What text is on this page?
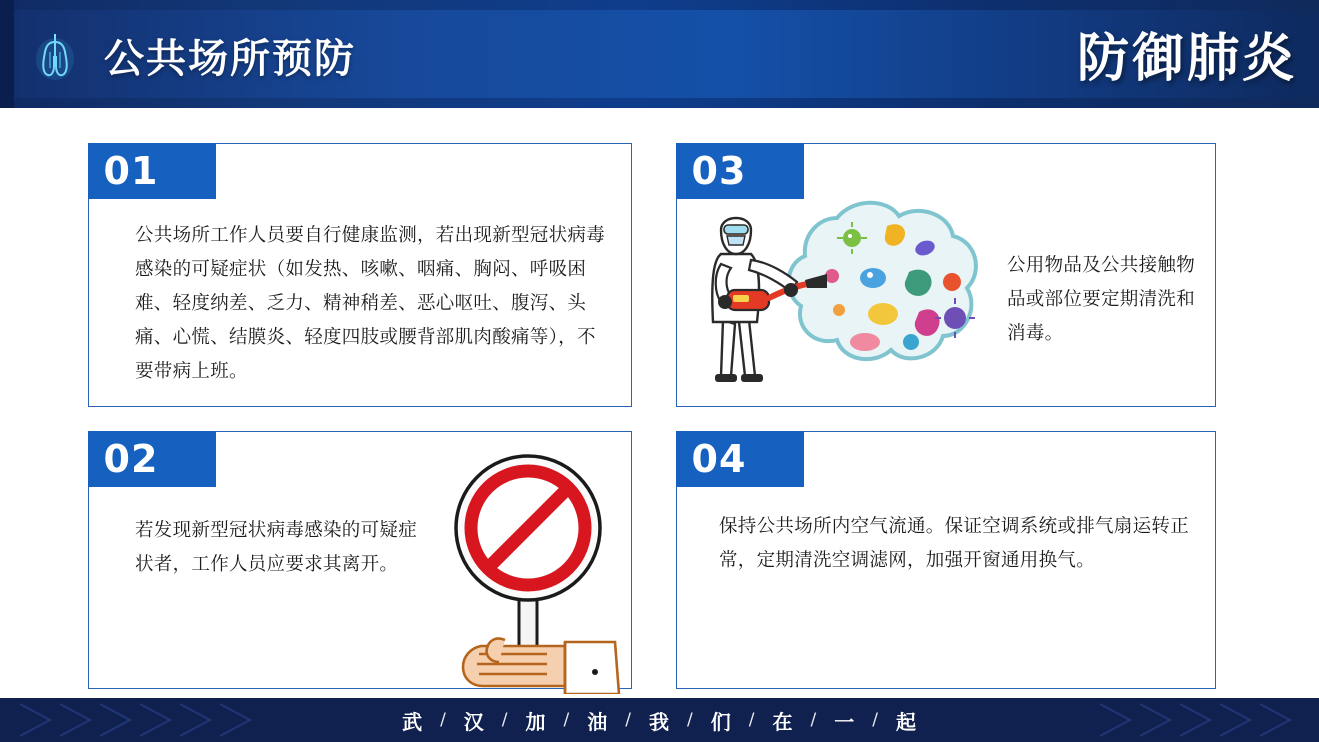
公共场所预防	防御肺炎
01
公共场所工作人员要自行健康监测，若出现新型冠状病毒感染的可疑症状（如发热、咳嗽、咽痛、胸闷、呼吸困难、轻度纳差、乏力、精神稍差、恶心呕吐、腹泻、头痛、心慌、结膜炎、轻度四肢或腰背部肌肉酸痛等），不要带病上班。
02
若发现新型冠状病毒感染的可疑症状者，工作人员应要求其离开。
03
公用物品及公共接触物品或部位要定期清洗和消毒。
04
保持公共场所内空气流通。保证空调系统或排气扇运转正常，定期清洗空调滤网，加强开窗通用换气。
武 / 汉 / 加 / 油 / 我 / 们 / 在 / 一 / 起
